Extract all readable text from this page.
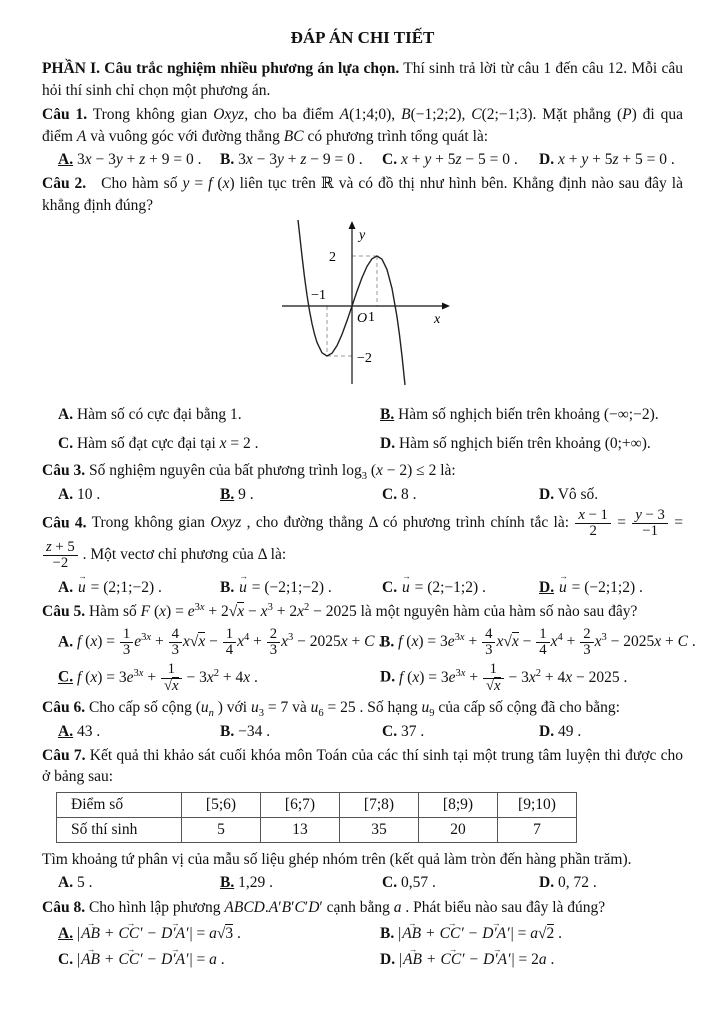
ĐÁP ÁN CHI TIẾT

PHẦN I. Câu trắc nghiệm nhiều phương án lựa chọn. Thí sinh trả lời từ câu 1 đến câu 12. Mỗi câu hỏi thí sinh chỉ chọn một phương án.

Câu 1. Trong không gian Oxyz, cho ba điểm A(1;4;0), B(−1;2;2), C(2;−1;3). Mặt phẳng (P) đi qua điểm A và vuông góc với đường thẳng BC có phương trình tổng quát là:

A. 3x − 3y + z + 9 = 0 .	B. 3x − 3y + z − 9 = 0 .	C. x + y + 5z − 5 = 0 .	D. x + y + 5z + 5 = 0 .

Câu 2. Cho hàm số y = f (x) liên tục trên ℝ và có đồ thị như hình bên. Khẳng định nào sau đây là khẳng định đúng?

y
x
O 1
2
−1
−2
A. Hàm số có cực đại bằng 1.	B. Hàm số nghịch biến trên khoảng (−∞;−2).
C. Hàm số đạt cực đại tại x = 2 .	D. Hàm số nghịch biến trên khoảng (0;+∞).

Câu 3. Số nghiệm nguyên của bất phương trình $\log_3 (x - 2) \le 2$ là:

A. 10 .	B. 9 .	C. 8 .	D. Vô số.

Câu 4. Trong không gian Oxyz , cho đường thẳng Δ có phương trình chính tắc là: $\frac{x - 1}{2} = \frac{y - 3}{-1}$ =
$\frac{z + 5}{-2}$ . Một vectơ chỉ phương của Δ là:

A. u → = (2;1;−2) .	B. u → = (−2;1;−2) .	C. u → = (2;−1;2) .	D. u → = (−2;1;2) .

Câu 5. Hàm số F $(x) = e^{3x} + 2√x - x^3 + 2x^2 - 2025$ là một nguyên hàm của hàm số nào sau đây?

A. f $(x) = \frac{1}{3} e^{3x} + \frac{4}{3} x√x - \frac{1}{4} x^4 + \frac{2}{3} x^3 - 2025x + C$ .
B. f $(x) = 3e^{3x} + \frac{4}{3} x√x - \frac{1}{4} x^4 + \frac{2}{3} x^3 - 2025x + C$ .
C. f $(x) = 3e^{3x} + \frac{1}{√x} - 3x^2 + 4x$ .	D. f $(x) = 3e^{3x} + \frac{1}{√x} - 3x^2 + 4x - 2025$ .

Câu 6. Cho cấp số cộng ($u_n$ ) với $u_3 = 7$ và $u_6 = 25$ . Số hạng $u_9$ của cấp số cộng đã cho bằng:

A. 43 .	B. −34 .	C. 37 .	D. 49 .

Câu 7. Kết quả thi khảo sát cuối khóa môn Toán của các thí sinh tại một trung tâm luyện thi được cho ở bảng sau:

Điểm số	[5;6)	[6;7)	[7;8)	[8;9)	[9;10)
Số thí sinh	5	13	35	20	7

Tìm khoảng tứ phân vị của mẫu số liệu ghép nhóm trên (kết quả làm tròn đến hàng phần trăm).

A. 5 .	B. 1,29 .	C. 0,57 .	D. 0, 72 .

Câu 8. Cho hình lập phương ABCD.A′B′C′D′ cạnh bằng a . Phát biểu nào sau đây là đúng?

A. |AB → + CC′ → − D′A′ →| = a√3 .	B. |AB → + CC′ → − D′A′ →| = a√2 .
C. |AB → + CC′ → − D′A′ →| = a .	D. |AB → + CC′ → − D′A′ →| = 2a .
